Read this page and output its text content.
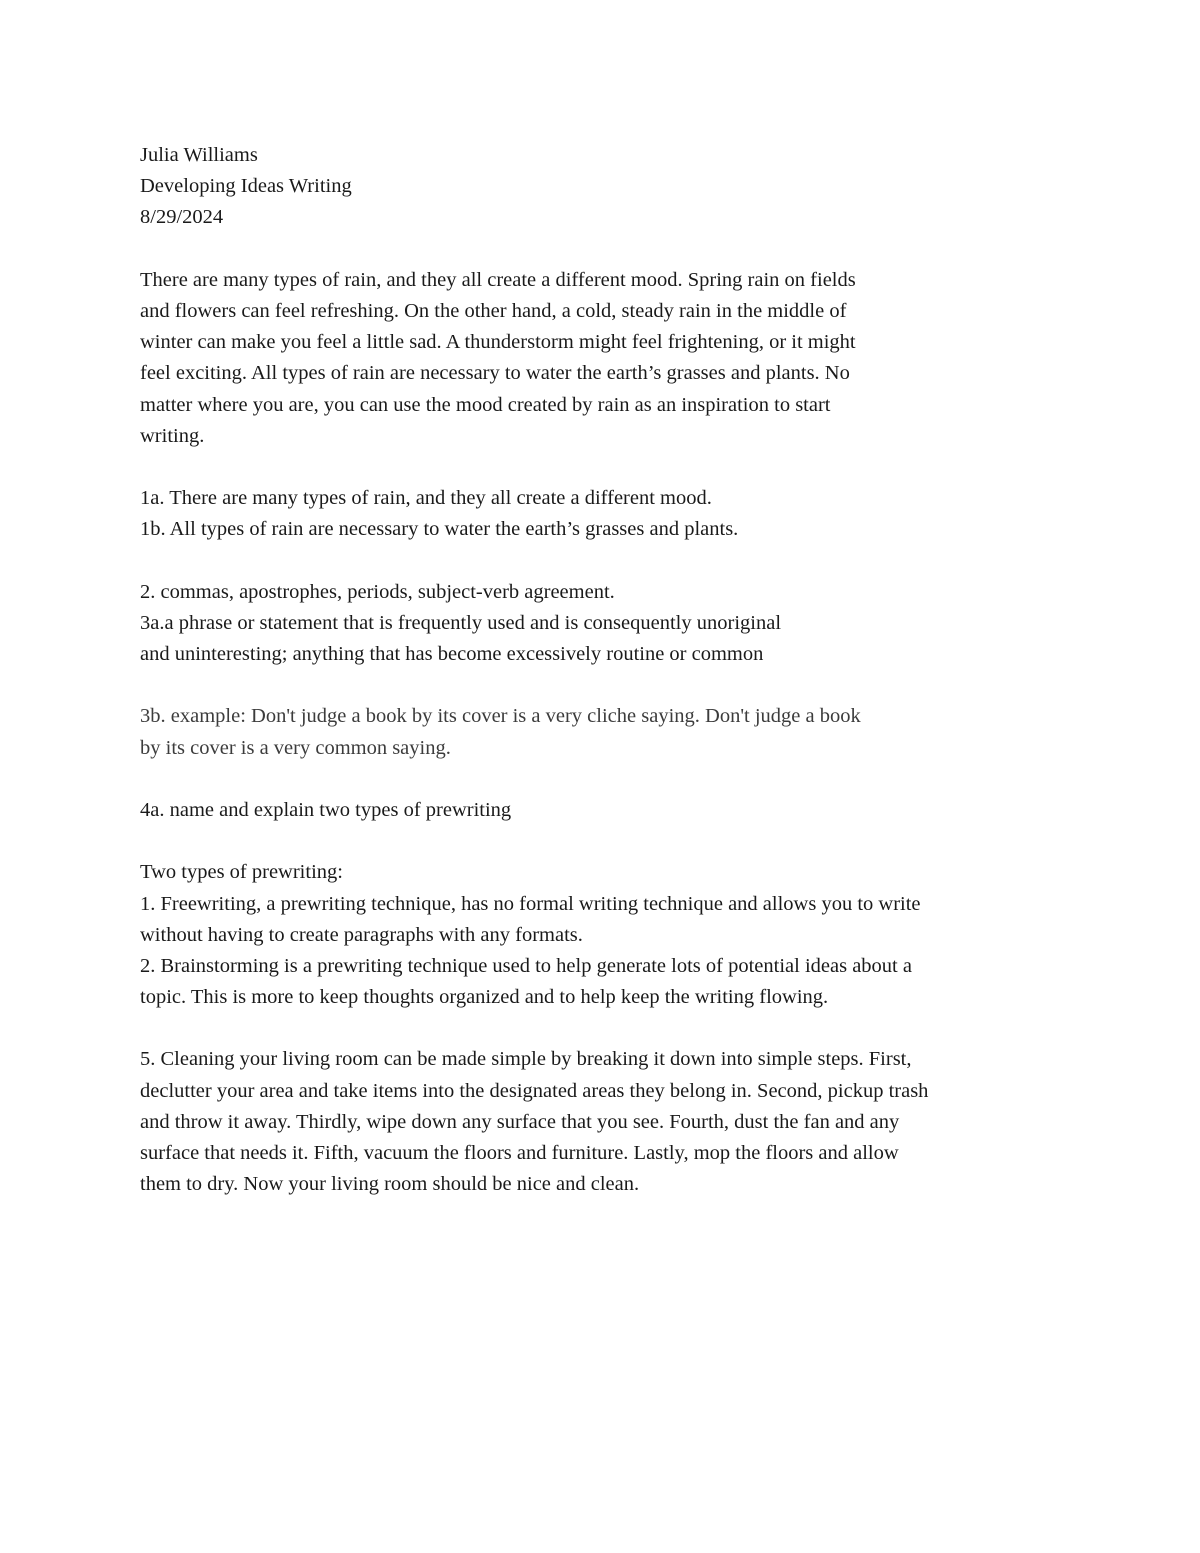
Julia Williams
Developing Ideas Writing
8/29/2024
There are many types of rain, and they all create a different mood. Spring rain on fields
and flowers can feel refreshing. On the other hand, a cold, steady rain in the middle of
winter can make you feel a little sad. A thunderstorm might feel frightening, or it might
feel exciting. All types of rain are necessary to water the earth’s grasses and plants. No
matter where you are, you can use the mood created by rain as an inspiration to start
writing.
1a. There are many types of rain, and they all create a different mood.
1b. All types of rain are necessary to water the earth’s grasses and plants.
2. commas, apostrophes, periods, subject-verb agreement.
3a.a phrase or statement that is frequently used and is consequently unoriginal
and uninteresting; anything that has become excessively routine or common
3b. example: Don't judge a book by its cover is a very cliche saying. Don't judge a book
by its cover is a very common saying.
4a. name and explain two types of prewriting
Two types of prewriting:
1. Freewriting, a prewriting technique, has no formal writing technique and allows you to write
without having to create paragraphs with any formats.
2. Brainstorming is a prewriting technique used to help generate lots of potential ideas about a
topic. This is more to keep thoughts organized and to help keep the writing flowing.
5. Cleaning your living room can be made simple by breaking it down into simple steps. First,
declutter your area and take items into the designated areas they belong in. Second, pickup trash
and throw it away. Thirdly, wipe down any surface that you see. Fourth, dust the fan and any
surface that needs it. Fifth, vacuum the floors and furniture. Lastly, mop the floors and allow
them to dry. Now your living room should be nice and clean.
